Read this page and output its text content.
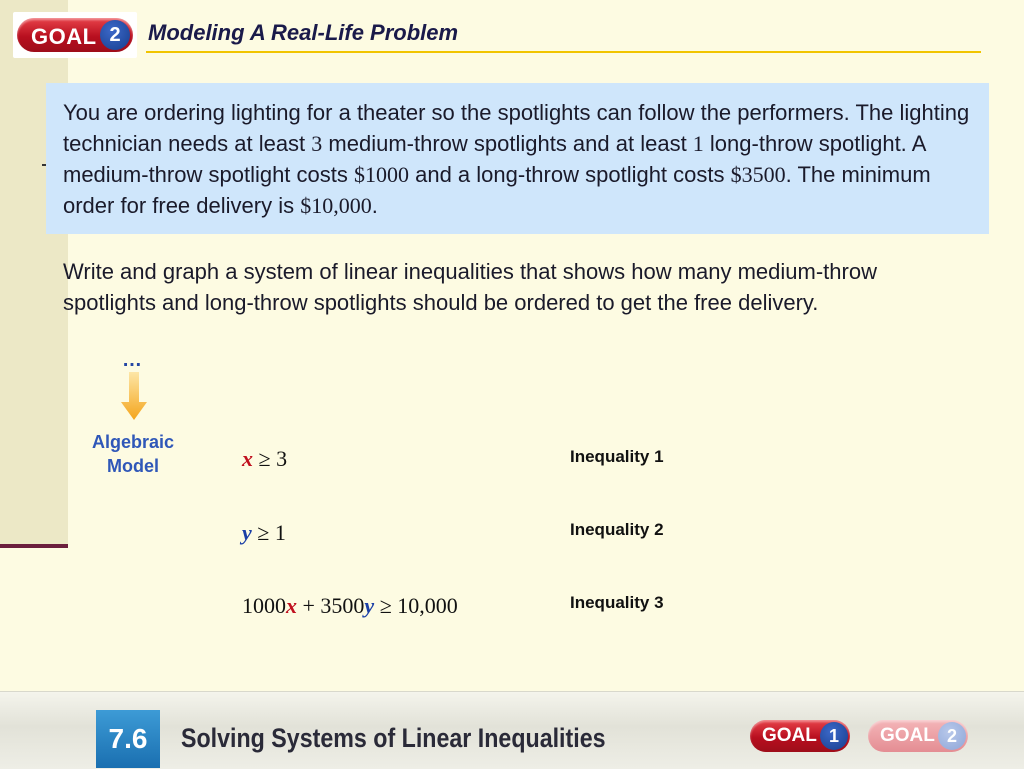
GOAL 2	Modeling A Real-Life Problem
You are ordering lighting for a theater so the spotlights can follow the performers. The lighting technician needs at least 3 medium-throw spotlights and at least 1 long-throw spotlight. A medium-throw spotlight costs $1000 and a long-throw spotlight costs $3500. The minimum order for free delivery is $10,000.
Write and graph a system of linear inequalities that shows how many medium-throw spotlights and long-throw spotlights should be ordered to get the free delivery.
…
Algebraic
Model	x ≥ 3	Inequality 1
y ≥ 1	Inequality 2
1000x + 3500y ≥ 10,000	Inequality 3
7.6	Solving Systems of Linear Inequalities	GOAL 1	GOAL 2
